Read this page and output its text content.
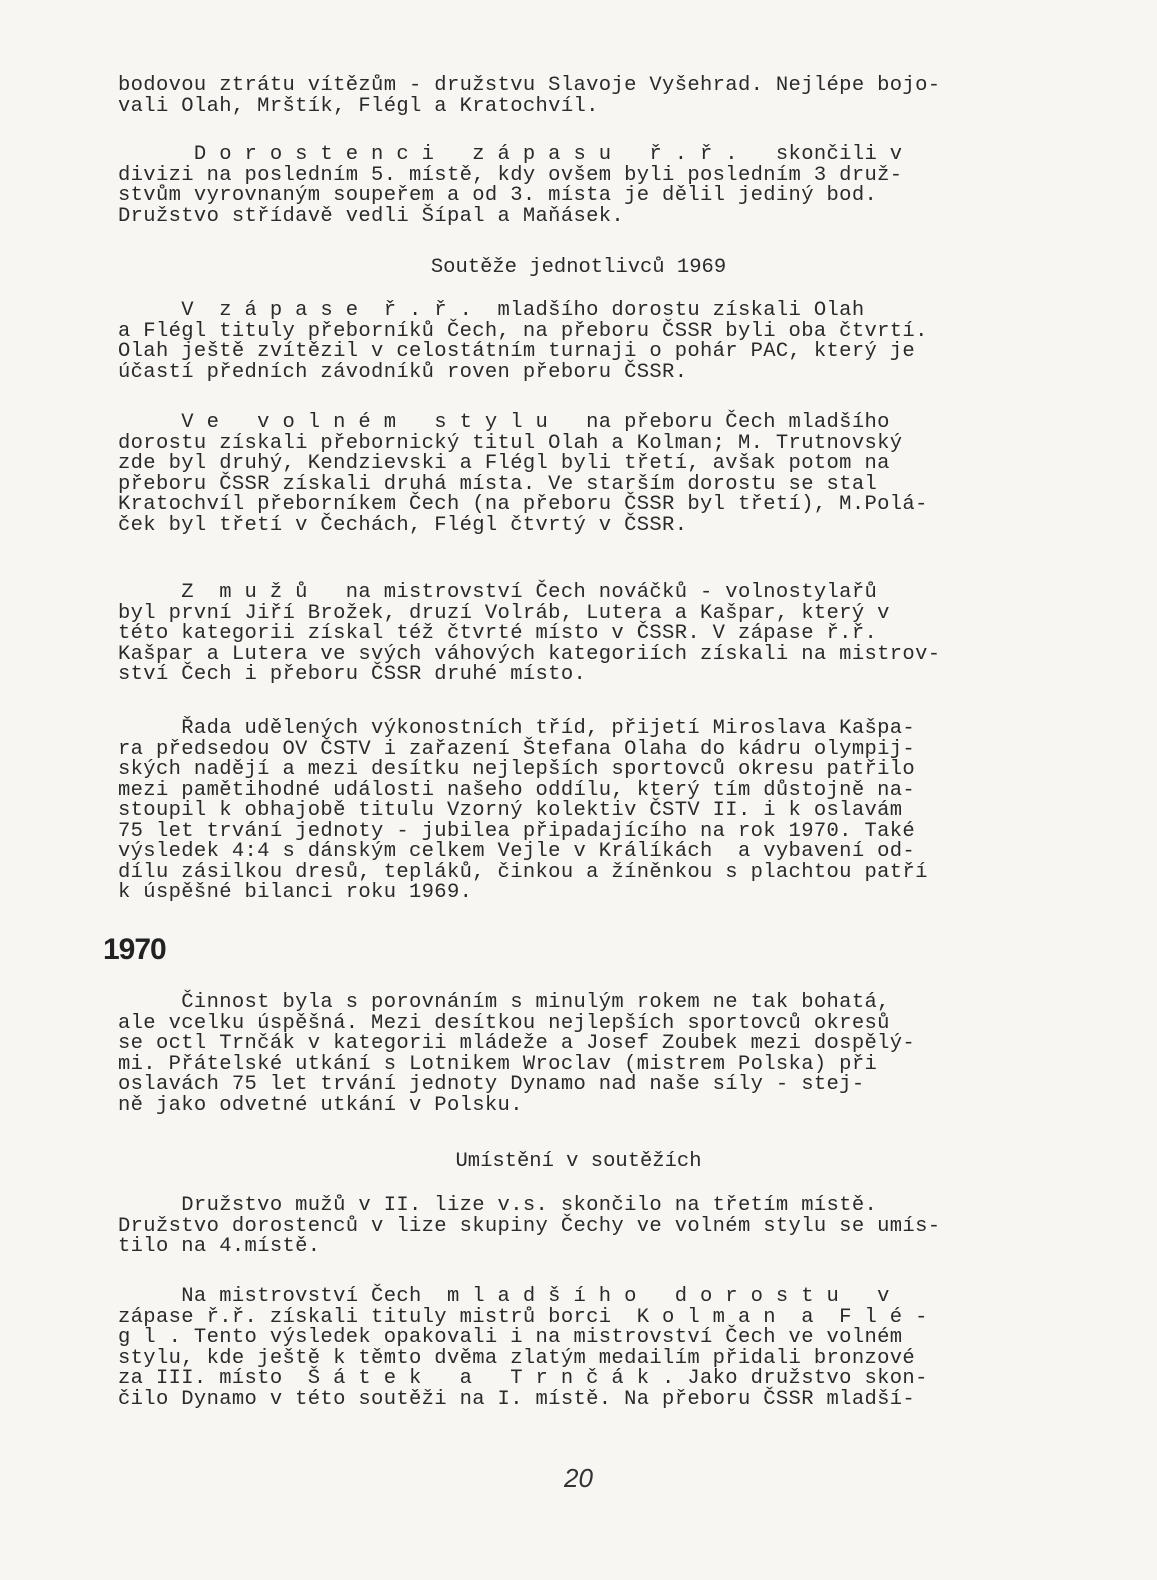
bodovou ztrátu vítězům - družstvu Slavoje Vyšehrad. Nejlépe bojo-
vali Olah, Mrštík, Flégl a Kratochvíl.
D o r o s t e n c i   z á p a s u   ř . ř .   skončili v
divizi na posledním 5. místě, kdy ovšem byli posledním 3 druž-
stvům vyrovnaným soupeřem a od 3. místa je dělil jediný bod.
Družstvo střídavě vedli Šípal a Maňásek.
Soutěže jednotlivců 1969
V  z á p a s e  ř . ř .  mladšího dorostu získali Olah
a Flégl tituly přeborníků Čech, na přeboru ČSSR byli oba čtvrtí.
Olah ještě zvítězil v celostátním turnaji o pohár PAC, který je
účastí předních závodníků roven přeboru ČSSR.
V e   v o l n é m   s t y l u   na přeboru Čech mladšího
dorostu získali přebornický titul Olah a Kolman; M. Trutnovský
zde byl druhý, Kendzievski a Flégl byli třetí, avšak potom na
přeboru ČSSR získali druhá místa. Ve starším dorostu se stal
Kratochvíl přeborníkem Čech (na přeboru ČSSR byl třetí), M.Polá-
ček byl třetí v Čechách, Flégl čtvrtý v ČSSR.
Z  m u ž ů   na mistrovství Čech nováčků - volnostylařů
byl první Jiří Brožek, druzí Volráb, Lutera a Kašpar, který v
této kategorii získal též čtvrté místo v ČSSR. V zápase ř.ř.
Kašpar a Lutera ve svých váhových kategoriích získali na mistrov-
ství Čech i přeboru ČSSR druhé místo.
Řada udělených výkonostních tříd, přijetí Miroslava Kašpa-
ra předsedou OV ČSTV i zařazení Štefana Olaha do kádru olympij-
ských nadějí a mezi desítku nejlepších sportovců okresu patřilo
mezi pamětihodné události našeho oddílu, který tím důstojně na-
stoupil k obhajobě titulu Vzorný kolektiv ČSTV II. i k oslavám
75 let trvání jednoty - jubilea připadajícího na rok 1970. Také
výsledek 4:4 s dánským celkem Vejle v Králíkách  a vybavení od-
dílu zásilkou dresů, tepláků, činkou a žíněnkou s plachtou patří
k úspěšné bilanci roku 1969.
1970
Činnost byla s porovnáním s minulým rokem ne tak bohatá,
ale vcelku úspěšná. Mezi desítkou nejlepších sportovců okresů
se octl Trnčák v kategorii mládeže a Josef Zoubek mezi dospělý-
mi. Přátelské utkání s Lotnikem Wroclav (mistrem Polska) při
oslavách 75 let trvání jednoty Dynamo nad naše síly - stej-
ně jako odvetné utkání v Polsku.
Umístění v soutěžích
Družstvo mužů v II. lize v.s. skončilo na třetím místě.
Družstvo dorostenců v lize skupiny Čechy ve volném stylu se umís-
tilo na 4.místě.
Na mistrovství Čech  m l a d š í h o   d o r o s t u   v
zápase ř.ř. získali tituly mistrů borci  K o l m a n  a  F l é -
g l . Tento výsledek opakovali i na mistrovství Čech ve volném
stylu, kde ještě k těmto dvěma zlatým medailím přidali bronzové
za III. místo  Š á t e k   a   T r n č á k . Jako družstvo skon-
čilo Dynamo v této soutěži na I. místě. Na přeboru ČSSR mladší-
20
